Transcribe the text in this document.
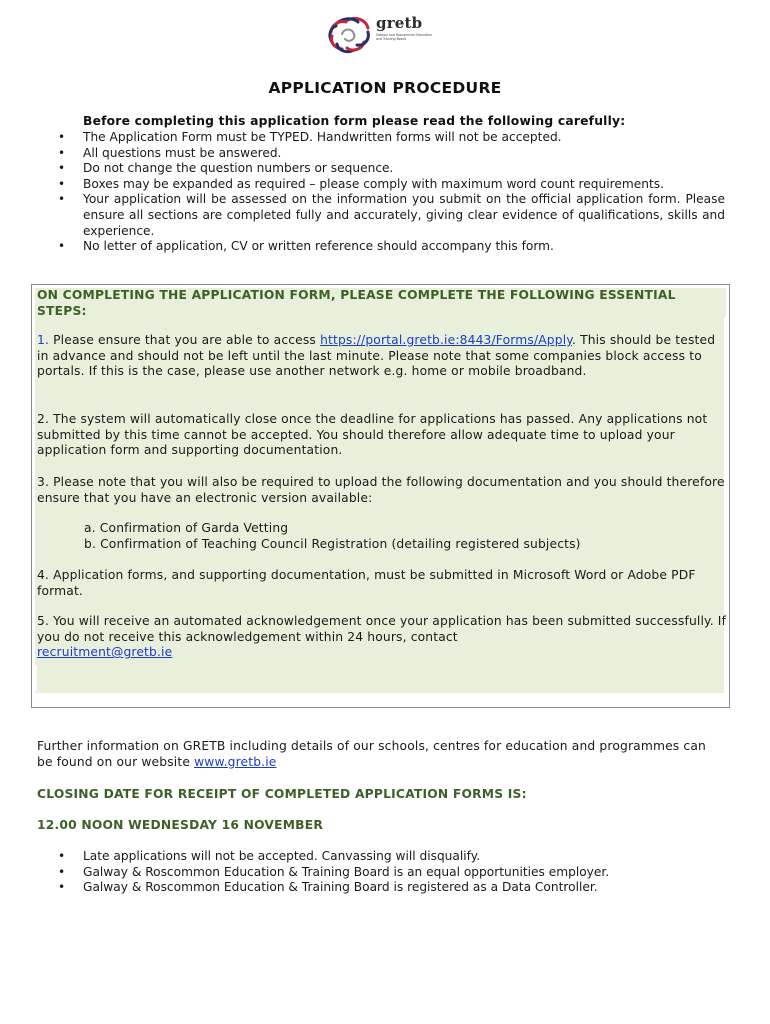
gretb
Galway and Roscommon Education and Training Board
APPLICATION PROCEDURE
Before completing this application form please read the following carefully:
• The Application Form must be TYPED. Handwritten forms will not be accepted.
• All questions must be answered.
• Do not change the question numbers or sequence.
• Boxes may be expanded as required – please comply with maximum word count requirements.
• Your application will be assessed on the information you submit on the official application form. Please ensure all sections are completed fully and accurately, giving clear evidence of qualifications, skills and experience.
• No letter of application, CV or written reference should accompany this form.
ON COMPLETING THE APPLICATION FORM, PLEASE COMPLETE THE FOLLOWING ESSENTIAL STEPS:
1. Please ensure that you are able to access https://portal.gretb.ie:8443/Forms/Apply. This should be tested in advance and should not be left until the last minute. Please note that some companies block access to portals. If this is the case, please use another network e.g. home or mobile broadband.
2. The system will automatically close once the deadline for applications has passed. Any applications not submitted by this time cannot be accepted. You should therefore allow adequate time to upload your application form and supporting documentation.
3. Please note that you will also be required to upload the following documentation and you should therefore ensure that you have an electronic version available:
a. Confirmation of Garda Vetting
b. Confirmation of Teaching Council Registration (detailing registered subjects)
4. Application forms, and supporting documentation, must be submitted in Microsoft Word or Adobe PDF format.
5. You will receive an automated acknowledgement once your application has been submitted successfully. If you do not receive this acknowledgement within 24 hours, contact
recruitment@gretb.ie
Further information on GRETB including details of our schools, centres for education and programmes can be found on our website www.gretb.ie
CLOSING DATE FOR RECEIPT OF COMPLETED APPLICATION FORMS IS:
12.00 NOON WEDNESDAY 16 NOVEMBER
• Late applications will not be accepted. Canvassing will disqualify.
• Galway & Roscommon Education & Training Board is an equal opportunities employer.
• Galway & Roscommon Education & Training Board is registered as a Data Controller.
